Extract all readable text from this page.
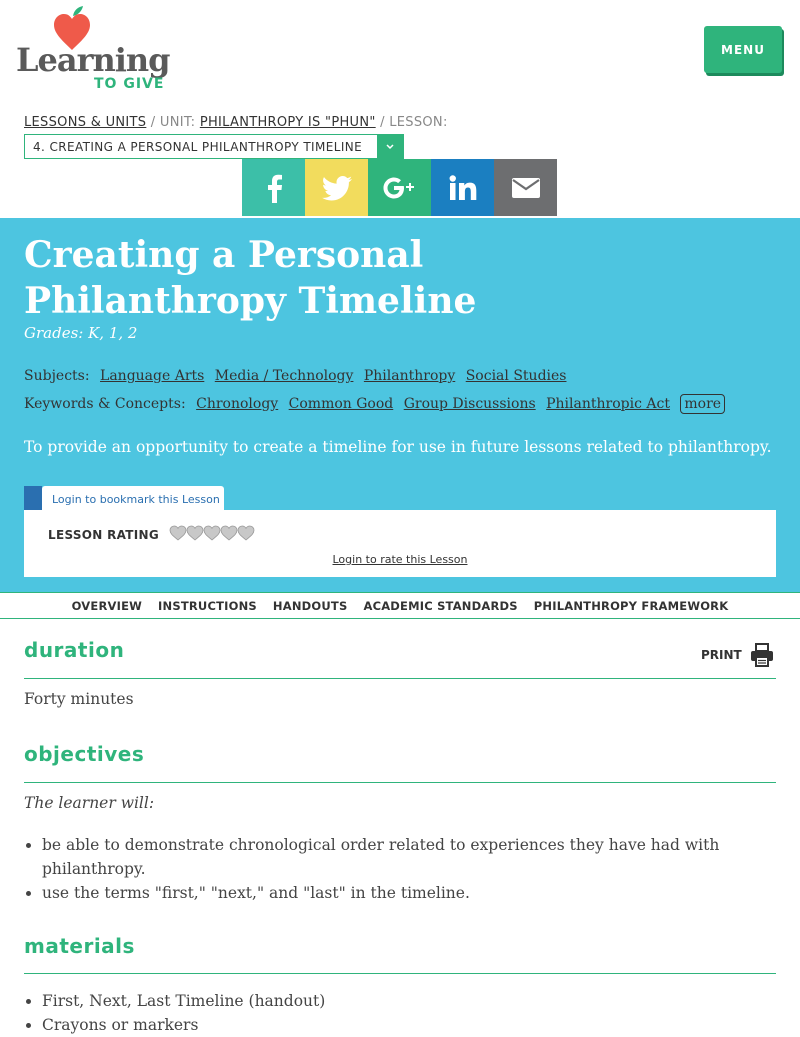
Learning
TO GIVE
MENU
LESSONS & UNITS / UNIT: PHILANTHROPY IS "PHUN" / LESSON:
4. CREATING A PERSONAL PHILANTHROPY TIMELINE
Creating a Personal Philanthropy Timeline
Grades: K, 1, 2
Subjects: Language Arts Media / Technology Philanthropy Social Studies
Keywords & Concepts: Chronology Common Good Group Discussions Philanthropic Act more
To provide an opportunity to create a timeline for use in future lessons related to philanthropy.
Login to bookmark this Lesson
LESSON RATING
Login to rate this Lesson
OVERVIEW INSTRUCTIONS HANDOUTS ACADEMIC STANDARDS PHILANTHROPY FRAMEWORK
duration	PRINT
Forty minutes
objectives
The learner will:
be able to demonstrate chronological order related to experiences they have had with philanthropy.
use the terms "first," "next," and "last" in the timeline.
materials
First, Next, Last Timeline (handout)
Crayons or markers
